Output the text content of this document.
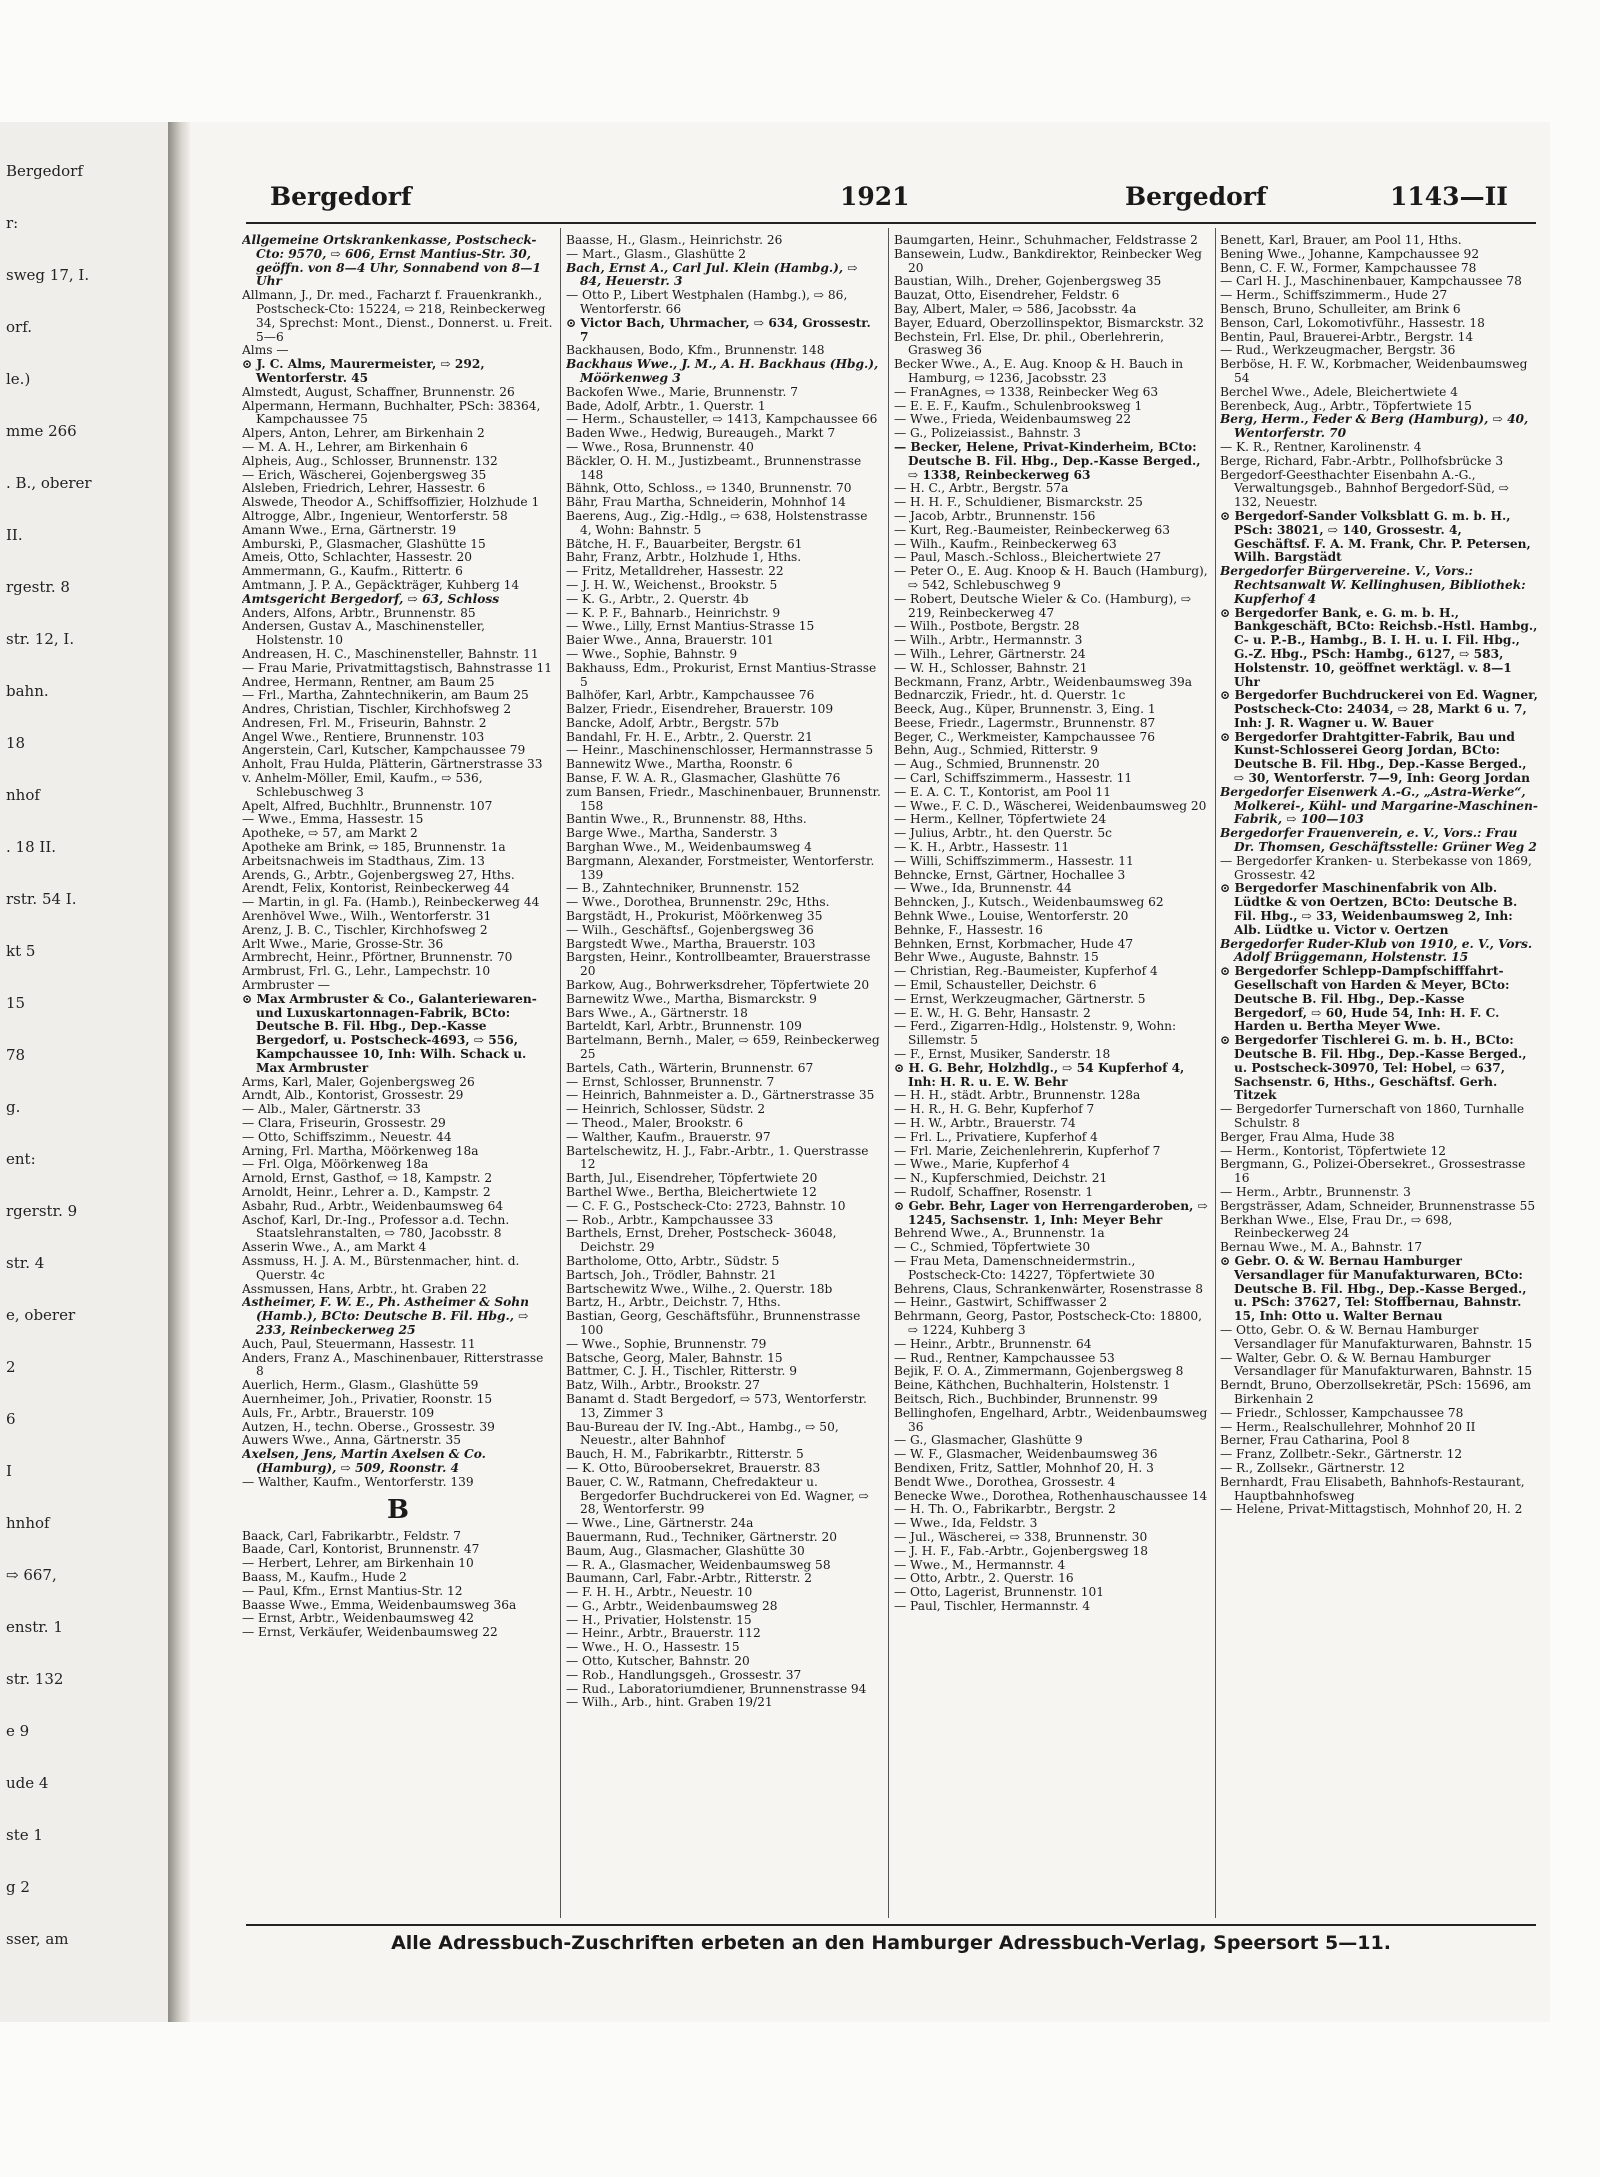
Bergedorf
r:
sweg 17, I.
orf.
le.)
mme 266
. B., oberer
II.
rgestr. 8
str. 12, I.
bahn.
18
nhof
. 18 II.
rstr. 54 I.
kt 5
15
78
g.
ent:
rgerstr. 9
str. 4
e, oberer
2
6
I
hnhof
⇨ 667,
enstr. 1
str. 132
e 9
ude 4
ste 1
g 2
sser, am
Bergedorf	1921	Bergedorf	1143—II

Allgemeine Ortskrankenkasse, Postscheck-Cto: 9570, ⇨ 606, Ernst Mantius-Str. 30, geöffn. von 8—4 Uhr, Sonnabend von 8—1 Uhr

Allmann, J., Dr. med., Facharzt f. Frauenkrankh., Postscheck-Cto: 15224, ⇨ 218, Reinbeckerweg 34, Sprechst: Mont., Dienst., Donnerst. u. Freit. 5—6

Alms —

⊙ J. C. Alms, Maurermeister, ⇨ 292, Wentorferstr. 45

Almstedt, August, Schaffner, Brunnenstr. 26

Alpermann, Hermann, Buchhalter, PSch: 38364, Kampchaussee 75

Alpers, Anton, Lehrer, am Birkenhain 2

— M. A. H., Lehrer, am Birkenhain 6

Alpheis, Aug., Schlosser, Brunnenstr. 132

— Erich, Wäscherei, Gojenbergsweg 35

Alsleben, Friedrich, Lehrer, Hassestr. 6

Alswede, Theodor A., Schiffsoffizier, Holzhude 1

Altrogge, Albr., Ingenieur, Wentorferstr. 58

Amann Wwe., Erna, Gärtnerstr. 19

Amburski, P., Glasmacher, Glashütte 15

Ameis, Otto, Schlachter, Hassestr. 20

Ammermann, G., Kaufm., Rittertr. 6

Amtmann, J. P. A., Gepäckträger, Kuhberg 14

Amtsgericht Bergedorf, ⇨ 63, Schloss

Anders, Alfons, Arbtr., Brunnenstr. 85

Andersen, Gustav A., Maschinensteller, Holstenstr. 10

Andreasen, H. C., Maschinensteller, Bahnstr. 11

— Frau Marie, Privatmittagstisch, Bahnstrasse 11

Andree, Hermann, Rentner, am Baum 25

— Frl., Martha, Zahntechnikerin, am Baum 25

Andres, Christian, Tischler, Kirchhofsweg 2

Andresen, Frl. M., Friseurin, Bahnstr. 2

Angel Wwe., Rentiere, Brunnenstr. 103

Angerstein, Carl, Kutscher, Kampchaussee 79

Anholt, Frau Hulda, Plätterin, Gärtnerstrasse 33

v. Anhelm-Möller, Emil, Kaufm., ⇨ 536, Schlebuschweg 3

Apelt, Alfred, Buchhltr., Brunnenstr. 107

— Wwe., Emma, Hassestr. 15

Apotheke, ⇨ 57, am Markt 2

Apotheke am Brink, ⇨ 185, Brunnenstr. 1a

Arbeitsnachweis im Stadthaus, Zim. 13

Arends, G., Arbtr., Gojenbergsweg 27, Hths.

Arendt, Felix, Kontorist, Reinbeckerweg 44

— Martin, in gl. Fa. (Hamb.), Reinbeckerweg 44

Arenhövel Wwe., Wilh., Wentorferstr. 31

Arenz, J. B. C., Tischler, Kirchhofsweg 2

Arlt Wwe., Marie, Grosse-Str. 36

Armbrecht, Heinr., Pförtner, Brunnenstr. 70

Armbrust, Frl. G., Lehr., Lampechstr. 10

Armbruster —

⊙ Max Armbruster & Co., Galanteriewaren- und Luxuskartonnagen-Fabrik, BCto: Deutsche B. Fil. Hbg., Dep.-Kasse Bergedorf, u. Postscheck-4693, ⇨ 556, Kampchaussee 10, Inh: Wilh. Schack u. Max Armbruster

Arms, Karl, Maler, Gojenbergsweg 26

Arndt, Alb., Kontorist, Grossestr. 29

— Alb., Maler, Gärtnerstr. 33

— Clara, Friseurin, Grossestr. 29

— Otto, Schiffszimm., Neuestr. 44

Arning, Frl. Martha, Möörkenweg 18a

— Frl. Olga, Möörkenweg 18a

Arnold, Ernst, Gasthof, ⇨ 18, Kampstr. 2

Arnoldt, Heinr., Lehrer a. D., Kampstr. 2

Asbahr, Rud., Arbtr., Weidenbaumsweg 64

Aschof, Karl, Dr.-Ing., Professor a.d. Techn. Staatslehranstalten, ⇨ 780, Jacobsstr. 8

Asserin Wwe., A., am Markt 4

Assmuss, H. J. A. M., Bürstenmacher, hint. d. Querstr. 4c

Assmussen, Hans, Arbtr., ht. Graben 22

Astheimer, F. W. E., Ph. Astheimer & Sohn (Hamb.), BCto: Deutsche B. Fil. Hbg., ⇨ 233, Reinbeckerweg 25

Auch, Paul, Steuermann, Hassestr. 11

Anders, Franz A., Maschinenbauer, Ritterstrasse 8

Auerlich, Herm., Glasm., Glashütte 59

Auernheimer, Joh., Privatier, Roonstr. 15

Auls, Fr., Arbtr., Brauerstr. 109

Autzen, H., techn. Oberse., Grossestr. 39

Auwers Wwe., Anna, Gärtnerstr. 35

Axelsen, Jens, Martin Axelsen & Co. (Hamburg), ⇨ 509, Roonstr. 4

— Walther, Kaufm., Wentorferstr. 139

B

Baack, Carl, Fabrikarbtr., Feldstr. 7

Baade, Carl, Kontorist, Brunnenstr. 47

— Herbert, Lehrer, am Birkenhain 10

Baass, M., Kaufm., Hude 2

— Paul, Kfm., Ernst Mantius-Str. 12

Baasse Wwe., Emma, Weidenbaumsweg 36a

— Ernst, Arbtr., Weidenbaumsweg 42

— Ernst, Verkäufer, Weidenbaumsweg 22

Baasse, H., Glasm., Heinrichstr. 26

— Mart., Glasm., Glashütte 2

Bach, Ernst A., Carl Jul. Klein (Hambg.), ⇨ 84, Heuerstr. 3

— Otto P., Libert Westphalen (Hambg.), ⇨ 86, Wentorferstr. 66

⊙ Victor Bach, Uhrmacher, ⇨ 634, Grossestr. 7

Backhausen, Bodo, Kfm., Brunnenstr. 148

Backhaus Wwe., J. M., A. H. Backhaus (Hbg.), Möörkenweg 3

Backofen Wwe., Marie, Brunnenstr. 7

Bade, Adolf, Arbtr., 1. Querstr. 1

— Herm., Schausteller, ⇨ 1413, Kampchaussee 66

Baden Wwe., Hedwig, Bureaugeh., Markt 7

— Wwe., Rosa, Brunnenstr. 40

Bäckler, O. H. M., Justizbeamt., Brunnenstrasse 148

Bähnk, Otto, Schloss., ⇨ 1340, Brunnenstr. 70

Bähr, Frau Martha, Schneiderin, Mohnhof 14

Baerens, Aug., Zig.-Hdlg., ⇨ 638, Holstenstrasse 4, Wohn: Bahnstr. 5

Bätche, H. F., Bauarbeiter, Bergstr. 61

Bahr, Franz, Arbtr., Holzhude 1, Hths.

— Fritz, Metalldreher, Hassestr. 22

— J. H. W., Weichenst., Brookstr. 5

— K. G., Arbtr., 2. Querstr. 4b

— K. P. F., Bahnarb., Heinrichstr. 9

— Wwe., Lilly, Ernst Mantius-Strasse 15

Baier Wwe., Anna, Brauerstr. 101

— Wwe., Sophie, Bahnstr. 9

Bakhauss, Edm., Prokurist, Ernst Mantius-Strasse 5

Balhöfer, Karl, Arbtr., Kampchaussee 76

Balzer, Friedr., Eisendreher, Brauerstr. 109

Bancke, Adolf, Arbtr., Bergstr. 57b

Bandahl, Fr. H. E., Arbtr., 2. Querstr. 21

— Heinr., Maschinenschlosser, Hermannstrasse 5

Bannewitz Wwe., Martha, Roonstr. 6

Banse, F. W. A. R., Glasmacher, Glashütte 76

zum Bansen, Friedr., Maschinenbauer, Brunnenstr. 158

Bantin Wwe., R., Brunnenstr. 88, Hths.

Barge Wwe., Martha, Sanderstr. 3

Barghan Wwe., M., Weidenbaumsweg 4

Bargmann, Alexander, Forstmeister, Wentorferstr. 139

— B., Zahntechniker, Brunnenstr. 152

— Wwe., Dorothea, Brunnenstr. 29c, Hths.

Bargstädt, H., Prokurist, Möörkenweg 35

— Wilh., Geschäftsf., Gojenbergsweg 36

Bargstedt Wwe., Martha, Brauerstr. 103

Bargsten, Heinr., Kontrollbeamter, Brauerstrasse 20

Barkow, Aug., Bohrwerksdreher, Töpfertwiete 20

Barnewitz Wwe., Martha, Bismarckstr. 9

Bars Wwe., A., Gärtnerstr. 18

Barteldt, Karl, Arbtr., Brunnenstr. 109

Bartelmann, Bernh., Maler, ⇨ 659, Reinbeckerweg 25

Bartels, Cath., Wärterin, Brunnenstr. 67

— Ernst, Schlosser, Brunnenstr. 7

— Heinrich, Bahnmeister a. D., Gärtnerstrasse 35

— Heinrich, Schlosser, Südstr. 2

— Theod., Maler, Brookstr. 6

— Walther, Kaufm., Brauerstr. 97

Bartelschewitz, H. J., Fabr.-Arbtr., 1. Querstrasse 12

Barth, Jul., Eisendreher, Töpfertwiete 20

Barthel Wwe., Bertha, Bleichertwiete 12

— C. F. G., Postscheck-Cto: 2723, Bahnstr. 10

— Rob., Arbtr., Kampchaussee 33

Barthels, Ernst, Dreher, Postscheck- 36048, Deichstr. 29

Bartholome, Otto, Arbtr., Südstr. 5

Bartsch, Joh., Trödler, Bahnstr. 21

Bartschewitz Wwe., Wilhe., 2. Querstr. 18b

Bartz, H., Arbtr., Deichstr. 7, Hths.

Bastian, Georg, Geschäftsführ., Brunnenstrasse 100

— Wwe., Sophie, Brunnenstr. 79

Batsche, Georg, Maler, Bahnstr. 15

Battmer, C. J. H., Tischler, Ritterstr. 9

Batz, Wilh., Arbtr., Brookstr. 27

Banamt d. Stadt Bergedorf, ⇨ 573, Wentorferstr. 13, Zimmer 3

Bau-Bureau der IV. Ing.-Abt., Hambg., ⇨ 50, Neuestr., alter Bahnhof

Bauch, H. M., Fabrikarbtr., Ritterstr. 5

— K. Otto, Büroobersekret, Brauerstr. 83

Bauer, C. W., Ratmann, Chefredakteur u. Bergedorfer Buchdruckerei von Ed. Wagner, ⇨ 28, Wentorferstr. 99

— Wwe., Line, Gärtnerstr. 24a

Bauermann, Rud., Techniker, Gärtnerstr. 20

Baum, Aug., Glasmacher, Glashütte 30

— R. A., Glasmacher, Weidenbaumsweg 58

Baumann, Carl, Fabr.-Arbtr., Ritterstr. 2

— F. H. H., Arbtr., Neuestr. 10

— G., Arbtr., Weidenbaumsweg 28

— H., Privatier, Holstenstr. 15

— Heinr., Arbtr., Brauerstr. 112

— Wwe., H. O., Hassestr. 15

— Otto, Kutscher, Bahnstr. 20

— Rob., Handlungsgeh., Grossestr. 37

— Rud., Laboratoriumdiener, Brunnenstrasse 94

— Wilh., Arb., hint. Graben 19/21

Baumgarten, Heinr., Schuhmacher, Feldstrasse 2

Bansewein, Ludw., Bankdirektor, Reinbecker Weg 20

Baustian, Wilh., Dreher, Gojenbergsweg 35

Bauzat, Otto, Eisendreher, Feldstr. 6

Bay, Albert, Maler, ⇨ 586, Jacobsstr. 4a

Bayer, Eduard, Oberzollinspektor, Bismarckstr. 32

Bechstein, Frl. Else, Dr. phil., Oberlehrerin, Grasweg 36

Becker Wwe., A., E. Aug. Knoop & H. Bauch in Hamburg, ⇨ 1236, Jacobsstr. 23

— FranAgnes, ⇨ 1338, Reinbecker Weg 63

— E. E. F., Kaufm., Schulenbrooksweg 1

— Wwe., Frieda, Weidenbaumsweg 22

— G., Polizeiassist., Bahnstr. 3

— Becker, Helene, Privat-Kinderheim, BCto: Deutsche B. Fil. Hbg., Dep.-Kasse Berged., ⇨ 1338, Reinbeckerweg 63

— H. C., Arbtr., Bergstr. 57a

— H. H. F., Schuldiener, Bismarckstr. 25

— Jacob, Arbtr., Brunnenstr. 156

— Kurt, Reg.-Baumeister, Reinbeckerweg 63

— Wilh., Kaufm., Reinbeckerweg 63

— Paul, Masch.-Schloss., Bleichertwiete 27

— Peter O., E. Aug. Knoop & H. Bauch (Hamburg), ⇨ 542, Schlebuschweg 9

— Robert, Deutsche Wieler & Co. (Hamburg), ⇨ 219, Reinbeckerweg 47

— Wilh., Postbote, Bergstr. 28

— Wilh., Arbtr., Hermannstr. 3

— Wilh., Lehrer, Gärtnerstr. 24

— W. H., Schlosser, Bahnstr. 21

Beckmann, Franz, Arbtr., Weidenbaumsweg 39a

Bednarczik, Friedr., ht. d. Querstr. 1c

Beeck, Aug., Küper, Brunnenstr. 3, Eing. 1

Beese, Friedr., Lagermstr., Brunnenstr. 87

Beger, C., Werkmeister, Kampchaussee 76

Behn, Aug., Schmied, Ritterstr. 9

— Aug., Schmied, Brunnenstr. 20

— Carl, Schiffszimmerm., Hassestr. 11

— E. A. C. T., Kontorist, am Pool 11

— Wwe., F. C. D., Wäscherei, Weidenbaumsweg 20

— Herm., Kellner, Töpfertwiete 24

— Julius, Arbtr., ht. den Querstr. 5c

— K. H., Arbtr., Hassestr. 11

— Willi, Schiffszimmerm., Hassestr. 11

Behncke, Ernst, Gärtner, Hochallee 3

— Wwe., Ida, Brunnenstr. 44

Behncken, J., Kutsch., Weidenbaumsweg 62

Behnk Wwe., Louise, Wentorferstr. 20

Behnke, F., Hassestr. 16

Behnken, Ernst, Korbmacher, Hude 47

Behr Wwe., Auguste, Bahnstr. 15

— Christian, Reg.-Baumeister, Kupferhof 4

— Emil, Schausteller, Deichstr. 6

— Ernst, Werkzeugmacher, Gärtnerstr. 5

— E. W., H. G. Behr, Hansastr. 2

— Ferd., Zigarren-Hdlg., Holstenstr. 9, Wohn: Sillemstr. 5

— F., Ernst, Musiker, Sanderstr. 18

⊙ H. G. Behr, Holzhdlg., ⇨ 54 Kupferhof 4, Inh: H. R. u. E. W. Behr

— H. H., städt. Arbtr., Brunnenstr. 128a

— H. R., H. G. Behr, Kupferhof 7

— H. W., Arbtr., Brauerstr. 74

— Frl. L., Privatiere, Kupferhof 4

— Frl. Marie, Zeichenlehrerin, Kupferhof 7

— Wwe., Marie, Kupferhof 4

— N., Kupferschmied, Deichstr. 21

— Rudolf, Schaffner, Rosenstr. 1

⊙ Gebr. Behr, Lager von Herrengarderoben, ⇨ 1245, Sachsenstr. 1, Inh: Meyer Behr

Behrend Wwe., A., Brunnenstr. 1a

— C., Schmied, Töpfertwiete 30

— Frau Meta, Damenschneidermstrin., Postscheck-Cto: 14227, Töpfertwiete 30

Behrens, Claus, Schrankenwärter, Rosenstrasse 8

— Heinr., Gastwirt, Schiffwasser 2

Behrmann, Georg, Pastor, Postscheck-Cto: 18800, ⇨ 1224, Kuhberg 3

— Heinr., Arbtr., Brunnenstr. 64

— Rud., Rentner, Kampchaussee 53

Bejik, F. O. A., Zimmermann, Gojenbergsweg 8

Beine, Käthchen, Buchhalterin, Holstenstr. 1

Beitsch, Rich., Buchbinder, Brunnenstr. 99

Bellinghofen, Engelhard, Arbtr., Weidenbaumsweg 36

— G., Glasmacher, Glashütte 9

— W. F., Glasmacher, Weidenbaumsweg 36

Bendixen, Fritz, Sattler, Mohnhof 20, H. 3

Bendt Wwe., Dorothea, Grossestr. 4

Benecke Wwe., Dorothea, Rothenhauschaussee 14

— H. Th. O., Fabrikarbtr., Bergstr. 2

— Wwe., Ida, Feldstr. 3

— Jul., Wäscherei, ⇨ 338, Brunnenstr. 30

— J. H. F., Fab.-Arbtr., Gojenbergsweg 18

— Wwe., M., Hermannstr. 4

— Otto, Arbtr., 2. Querstr. 16

— Otto, Lagerist, Brunnenstr. 101

— Paul, Tischler, Hermannstr. 4

Benett, Karl, Brauer, am Pool 11, Hths.

Bening Wwe., Johanne, Kampchaussee 92

Benn, C. F. W., Former, Kampchaussee 78

— Carl H. J., Maschinenbauer, Kampchaussee 78

— Herm., Schiffszimmerm., Hude 27

Bensch, Bruno, Schulleiter, am Brink 6

Benson, Carl, Lokomotivführ., Hassestr. 18

Bentin, Paul, Brauerei-Arbtr., Bergstr. 14

— Rud., Werkzeugmacher, Bergstr. 36

Berböse, H. F. W., Korbmacher, Weidenbaumsweg 54

Berchel Wwe., Adele, Bleichertwiete 4

Berenbeck, Aug., Arbtr., Töpfertwiete 15

Berg, Herm., Feder & Berg (Hamburg), ⇨ 40, Wentorferstr. 70

— K. R., Rentner, Karolinenstr. 4

Berge, Richard, Fabr.-Arbtr., Pollhofsbrücke 3

Bergedorf-Geesthachter Eisenbahn A.-G., Verwaltungsgeb., Bahnhof Bergedorf-Süd, ⇨ 132, Neuestr.

⊙ Bergedorf-Sander Volksblatt G. m. b. H., PSch: 38021, ⇨ 140, Grossestr. 4, Geschäftsf. F. A. M. Frank, Chr. P. Petersen, Wilh. Bargstädt

Bergedorfer Bürgervereine. V., Vors.: Rechtsanwalt W. Kellinghusen, Bibliothek: Kupferhof 4

⊙ Bergedorfer Bank, e. G. m. b. H., Bankgeschäft, BCto: Reichsb.-Hstl. Hambg., C- u. P.-B., Hambg., B. I. H. u. I. Fil. Hbg., G.-Z. Hbg., PSch: Hambg., 6127, ⇨ 583, Holstenstr. 10, geöffnet werktägl. v. 8—1 Uhr

⊙ Bergedorfer Buchdruckerei von Ed. Wagner, Postscheck-Cto: 24034, ⇨ 28, Markt 6 u. 7, Inh: J. R. Wagner u. W. Bauer

⊙ Bergedorfer Drahtgitter-Fabrik, Bau und Kunst-Schlosserei Georg Jordan, BCto: Deutsche B. Fil. Hbg., Dep.-Kasse Berged., ⇨ 30, Wentorferstr. 7—9, Inh: Georg Jordan

Bergedorfer Eisenwerk A.-G., „Astra-Werke“, Molkerei-, Kühl- und Margarine-Maschinen-Fabrik, ⇨ 100—103

Bergedorfer Frauenverein, e. V., Vors.: Frau Dr. Thomsen, Geschäftsstelle: Grüner Weg 2

— Bergedorfer Kranken- u. Sterbekasse von 1869, Grossestr. 42

⊙ Bergedorfer Maschinenfabrik von Alb. Lüdtke & von Oertzen, BCto: Deutsche B. Fil. Hbg., ⇨ 33, Weidenbaumsweg 2, Inh: Alb. Lüdtke u. Victor v. Oertzen

Bergedorfer Ruder-Klub von 1910, e. V., Vors. Adolf Brüggemann, Holstenstr. 15

⊙ Bergedorfer Schlepp-Dampfschifffahrt-Gesellschaft von Harden & Meyer, BCto: Deutsche B. Fil. Hbg., Dep.-Kasse Bergedorf, ⇨ 60, Hude 54, Inh: H. F. C. Harden u. Bertha Meyer Wwe.

⊙ Bergedorfer Tischlerei G. m. b. H., BCto: Deutsche B. Fil. Hbg., Dep.-Kasse Berged., u. Postscheck-30970, Tel: Hobel, ⇨ 637, Sachsenstr. 6, Hths., Geschäftsf. Gerh. Titzek

— Bergedorfer Turnerschaft von 1860, Turnhalle Schulstr. 8

Berger, Frau Alma, Hude 38

— Herm., Kontorist, Töpfertwiete 12

Bergmann, G., Polizei-Obersekret., Grossestrasse 16

— Herm., Arbtr., Brunnenstr. 3

Bergsträsser, Adam, Schneider, Brunnenstrasse 55

Berkhan Wwe., Else, Frau Dr., ⇨ 698, Reinbeckerweg 24

Bernau Wwe., M. A., Bahnstr. 17

⊙ Gebr. O. & W. Bernau Hamburger Versandlager für Manufakturwaren, BCto: Deutsche B. Fil. Hbg., Dep.-Kasse Berged., u. PSch: 37627, Tel: Stoffbernau, Bahnstr. 15, Inh: Otto u. Walter Bernau

— Otto, Gebr. O. & W. Bernau Hamburger Versandlager für Manufakturwaren, Bahnstr. 15

— Walter, Gebr. O. & W. Bernau Hamburger Versandlager für Manufakturwaren, Bahnstr. 15

Berndt, Bruno, Oberzollsekretär, PSch: 15696, am Birkenhain 2

— Friedr., Schlosser, Kampchaussee 78

— Herm., Realschullehrer, Mohnhof 20 II

Berner, Frau Catharina, Pool 8

— Franz, Zollbetr.-Sekr., Gärtnerstr. 12

— R., Zollsekr., Gärtnerstr. 12

Bernhardt, Frau Elisabeth, Bahnhofs-Restaurant, Hauptbahnhofsweg

— Helene, Privat-Mittagstisch, Mohnhof 20, H. 2

Alle Adressbuch-Zuschriften erbeten an den Hamburger Adressbuch-Verlag, Speersort 5—11.
